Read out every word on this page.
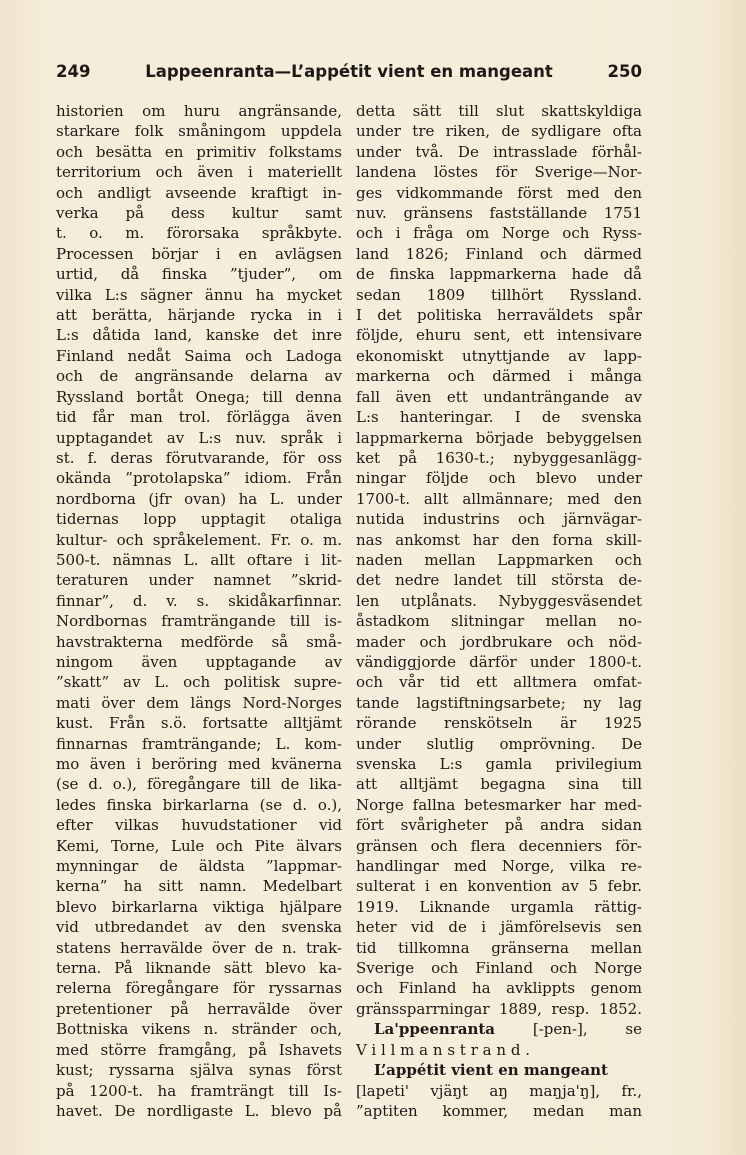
249	Lappeenranta—L’appétit vient en mangeant	250
historien om huru angränsande,
starkare folk småningom uppdela
och besätta en primitiv folkstams
territorium och även i materiellt
och andligt avseende kraftigt in-
verka på dess kultur samt
t. o. m. förorsaka språkbyte.
Processen börjar i en avlägsen
urtid, då finska ”tjuder”, om
vilka L:s sägner ännu ha mycket
att berätta, härjande rycka in i
L:s dåtida land, kanske det inre
Finland nedåt Saima och Ladoga
och de angränsande delarna av
Ryssland bortåt Onega; till denna
tid får man trol. förlägga även
upptagandet av L:s nuv. språk i
st. f. deras förutvarande, för oss
okända ”protolapska” idiom. Från
nordborna (jfr ovan) ha L. under
tidernas lopp upptagit otaliga
kultur- och språkelement. Fr. o. m.
500-t. nämnas L. allt oftare i lit-
teraturen under namnet ”skrid-
finnar”, d. v. s. skidåkarfinnar.
Nordbornas framträngande till is-
havstrakterna medförde så små-
ningom även upptagande av
”skatt” av L. och politisk supre-
mati över dem längs Nord-Norges
kust. Från s.ö. fortsatte alltjämt
finnarnas framträngande; L. kom-
mo även i beröring med kvänerna
(se d. o.), föregångare till de lika-
ledes finska birkarlarna (se d. o.),
efter vilkas huvudstationer vid
Kemi, Torne, Lule och Pite älvars
mynningar de äldsta ”lappmar-
kerna” ha sitt namn. Medelbart
blevo birkarlarna viktiga hjälpare
vid utbredandet av den svenska
statens herravälde över de n. trak-
terna. På liknande sätt blevo ka-
relerna föregångare för ryssarnas
pretentioner på herravälde över
Bottniska vikens n. stränder och,
med större framgång, på Ishavets
kust; ryssarna själva synas först
på 1200-t. ha framträngt till Is-
havet. De nordligaste L. blevo på
detta sätt till slut skattskyldiga
under tre riken, de sydligare ofta
under två. De intrasslade förhål-
landena löstes för Sverige—Nor-
ges vidkommande först med den
nuv. gränsens fastställande 1751
och i fråga om Norge och Ryss-
land 1826; Finland och därmed
de finska lappmarkerna hade då
sedan 1809 tillhört Ryssland.
I det politiska herraväldets spår
följde, ehuru sent, ett intensivare
ekonomiskt utnyttjande av lapp-
markerna och därmed i många
fall även ett undanträngande av
L:s hanteringar. I de svenska
lappmarkerna började bebyggelsen
ket på 1630-t.; nybyggesanlägg-
ningar följde och blevo under
1700-t. allt allmännare; med den
nutida industrins och järnvägar-
nas ankomst har den forna skill-
naden mellan Lappmarken och
det nedre landet till största de-
len utplånats. Nybyggesväsendet
åstadkom slitningar mellan no-
mader och jordbrukare och nöd-
vändiggjorde därför under 1800-t.
och vår tid ett alltmera omfat-
tande lagstiftningsarbete; ny lag
rörande renskötseln är 1925
under slutlig omprövning. De
svenska L:s gamla privilegium
att alltjämt begagna sina till
Norge fallna betesmarker har med-
fört svårigheter på andra sidan
gränsen och flera decenniers för-
handlingar med Norge, vilka re-
sulterat i en konvention av 5 febr.
1919. Liknande urgamla rättig-
heter vid de i jämförelsevis sen
tid tillkomna gränserna mellan
Sverige och Finland och Norge
och Finland ha avklippts genom
gränssparrningar 1889, resp. 1852.
La'ppeenranta	[-pen-],	se
Villmanstrand.
L’appétit vient en mangeant
[lapeti' vjäŋt aŋ maŋja'ŋ], fr.,
”aptiten kommer, medan man
